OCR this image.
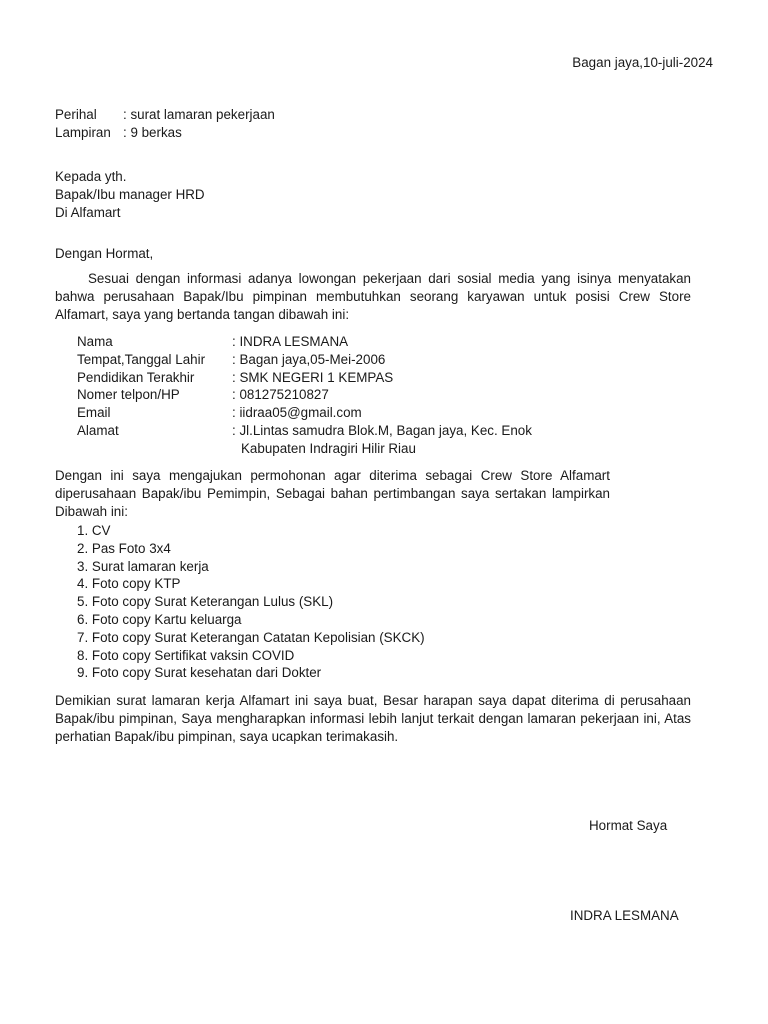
Bagan jaya,10-juli-2024
Perihal : surat lamaran pekerjaan
Lampiran : 9 berkas
Kepada yth.
Bapak/Ibu manager HRD
Di Alfamart
Dengan Hormat,
Sesuai dengan informasi adanya lowongan pekerjaan dari sosial media yang isinya menyatakan bahwa perusahaan Bapak/Ibu pimpinan membutuhkan seorang karyawan untuk posisi Crew Store Alfamart, saya yang bertanda tangan dibawah ini:
Nama	: INDRA LESMANA
Tempat,Tanggal Lahir	: Bagan jaya,05-Mei-2006
Pendidikan Terakhir	: SMK NEGERI 1 KEMPAS
Nomer telpon/HP	: 081275210827
Email	: iidraa05@gmail.com
Alamat	: Jl.Lintas samudra Blok.M, Bagan jaya, Kec. Enok
Kabupaten Indragiri Hilir Riau
Dengan ini saya mengajukan permohonan agar diterima sebagai Crew Store Alfamart diperusahaan Bapak/ibu Pemimpin, Sebagai bahan pertimbangan saya sertakan lampirkan Dibawah ini:
1. CV
2. Pas Foto 3x4
3. Surat lamaran kerja
4. Foto copy KTP
5. Foto copy Surat Keterangan Lulus (SKL)
6. Foto copy Kartu keluarga
7. Foto copy Surat Keterangan Catatan Kepolisian (SKCK)
8. Foto copy Sertifikat vaksin COVID
9. Foto copy Surat kesehatan dari Dokter
Demikian surat lamaran kerja Alfamart ini saya buat, Besar harapan saya dapat diterima di perusahaan Bapak/ibu pimpinan, Saya mengharapkan informasi lebih lanjut terkait dengan lamaran pekerjaan ini, Atas perhatian Bapak/ibu pimpinan, saya ucapkan terimakasih.
Hormat Saya
INDRA LESMANA
